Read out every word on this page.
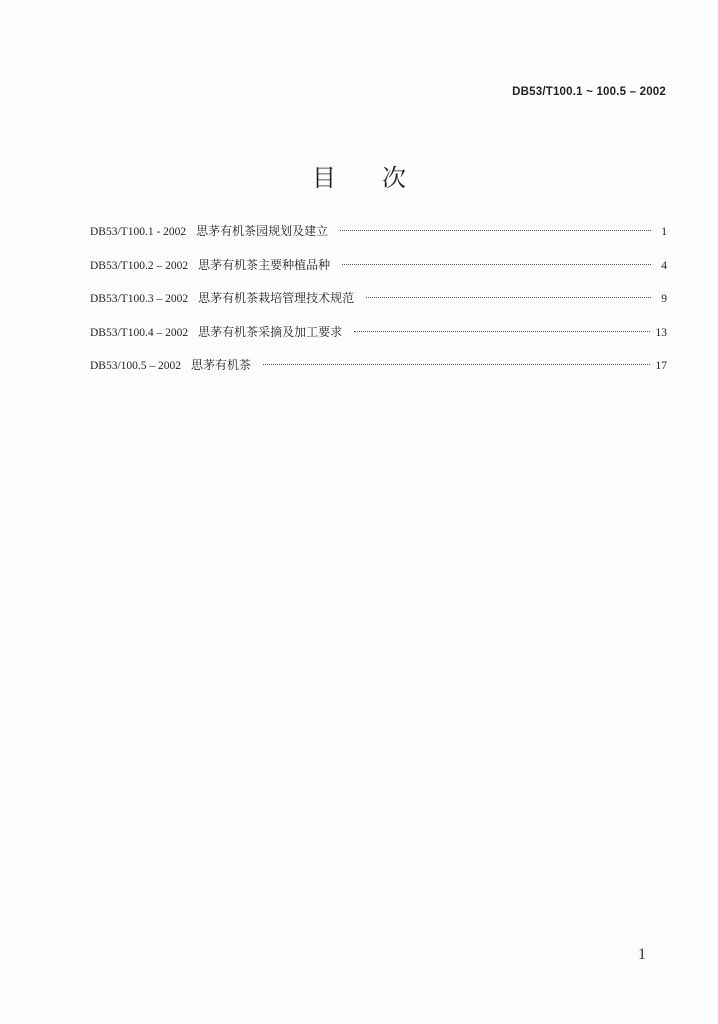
DB53/T100.1 ~ 100.5 – 2002
目 次
DB53/T100.1 - 2002 思茅有机茶园规划及建立	1
DB53/T100.2 – 2002 思茅有机茶主要种植品种	4
DB53/T100.3 – 2002 思茅有机茶栽培管理技术规范	9
DB53/T100.4 – 2002 思茅有机茶采摘及加工要求	13
DB53/100.5 – 2002 思茅有机茶	17
1
